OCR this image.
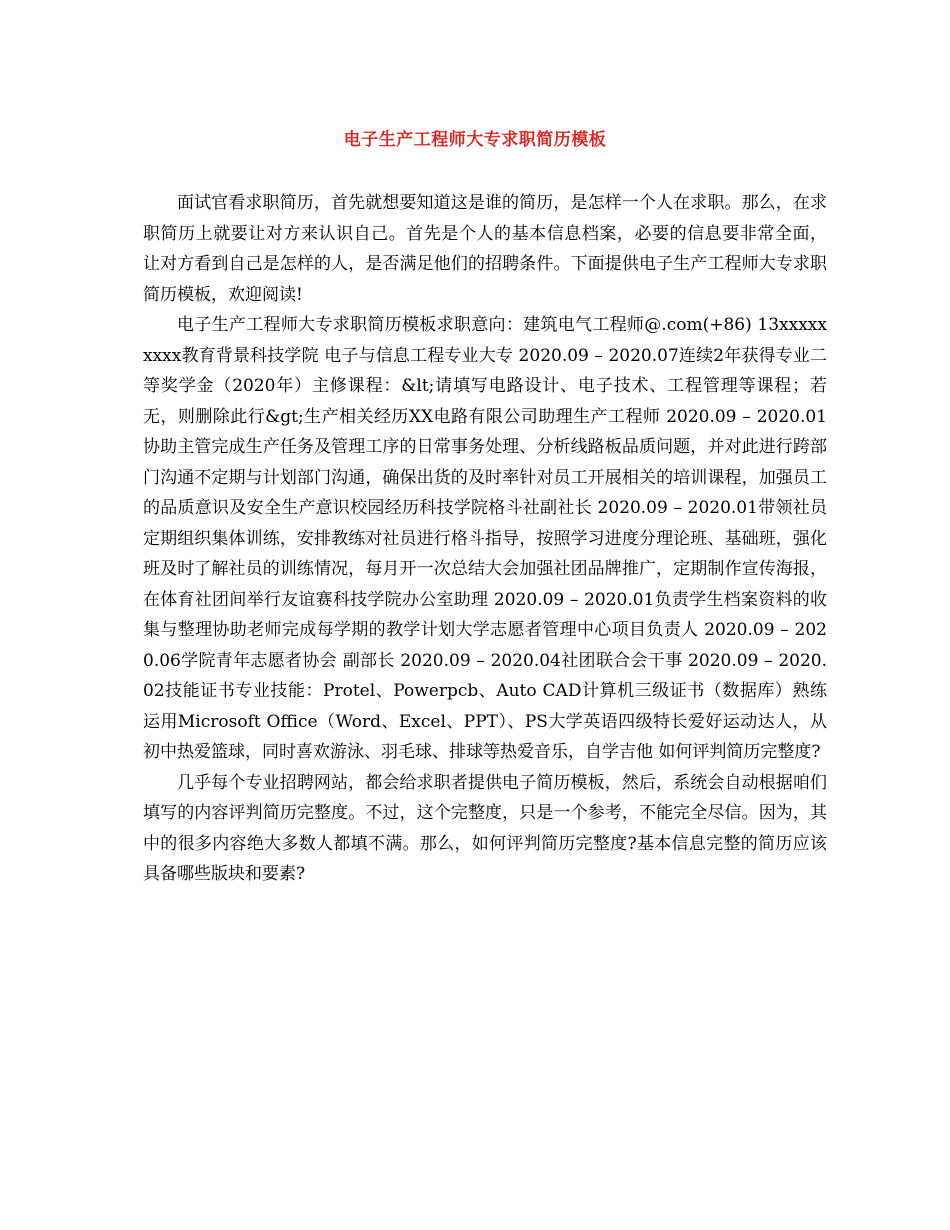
电子生产工程师大专求职简历模板

面试官看求职简历，首先就想要知道这是谁的简历，是怎样一个人在求职。那么，在求职简历上就要让对方来认识自己。首先是个人的基本信息档案，必要的信息要非常全面， 让对方看到自己是怎样的人，是否满足他们的招聘条件。下面提供电子生产工程师大专求职简历模板，欢迎阅读!

电子生产工程师大专求职简历模板求职意向：建筑电气工程师@.com(+86) 13xxxxxxxxx教育背景科技学院 电子与信息工程专业大专 2020.09 – 2020.07连续2年获得专业二等奖学金（2020年）主修课程：&lt;请填写电路设计、电子技术、工程管理等课程；若无，则删除此行&gt;生产相关经历XX电路有限公司助理生产工程师 2020.09 – 2020.01 协助主管完成生产任务及管理工序的日常事务处理、分析线路板品质问题，并对此进行跨部门沟通不定期与计划部门沟通，确保出货的及时率针对员工开展相关的培训课程，加强员工的品质意识及安全生产意识校园经历科技学院格斗社副社长 2020.09 – 2020.01带领社员定期组织集体训练，安排教练对社员进行格斗指导，按照学习进度分理论班、基础班，强化班及时了解社员的训练情况，每月开一次总结大会加强社团品牌推广，定期制作宣传海报，在体育社团间举行友谊赛科技学院办公室助理 2020.09 – 2020.01负责学生档案资料的收集与整理协助老师完成每学期的教学计划大学志愿者管理中心项目负责人 2020.09 – 2020.06学院青年志愿者协会 副部长 2020.09 – 2020.04社团联合会干事 2020.09 – 2020.02技能证书专业技能：Protel、Powerpcb、Auto CAD计算机三级证书（数据库）熟练运用Microsoft Office（Word、Excel、PPT）、PS大学英语四级特长爱好运动达人，从初中热爱篮球，同时喜欢游泳、羽毛球、排球等热爱音乐，自学吉他 如何评判简历完整度?

几乎每个专业招聘网站，都会给求职者提供电子简历模板，然后，系统会自动根据咱们填写的内容评判简历完整度。不过，这个完整度，只是一个参考，不能完全尽信。因为，其中的很多内容绝大多数人都填不满。那么，如何评判简历完整度?基本信息完整的简历应该具备哪些版块和要素?
